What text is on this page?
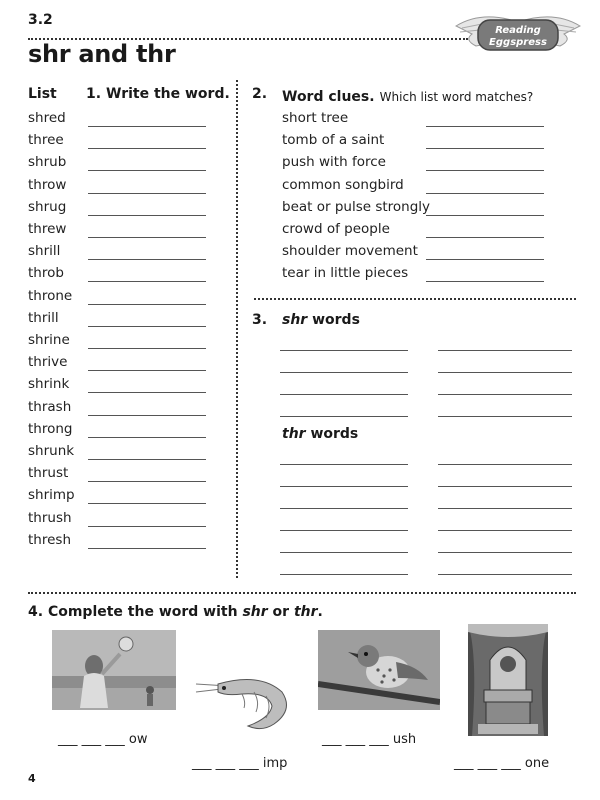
3.2
shr and thr
Reading
Eggspress
List 1. Write the word.
shred
three
shrub
throw
shrug
threw
shrill
throb
throne
thrill
shrine
thrive
shrink
thrash
throng
shrunk
thrust
shrimp
thrush
thresh
2. Word clues. Which list word matches?
short tree
tomb of a saint
push with force
common songbird
beat or pulse strongly
crowd of people
shoulder movement
tear in little pieces
3. shr words
thr words
4. Complete the word with shr or thr.
___ ___ ___ ow
___ ___ ___ imp
___ ___ ___ ush
___ ___ ___ one
4
